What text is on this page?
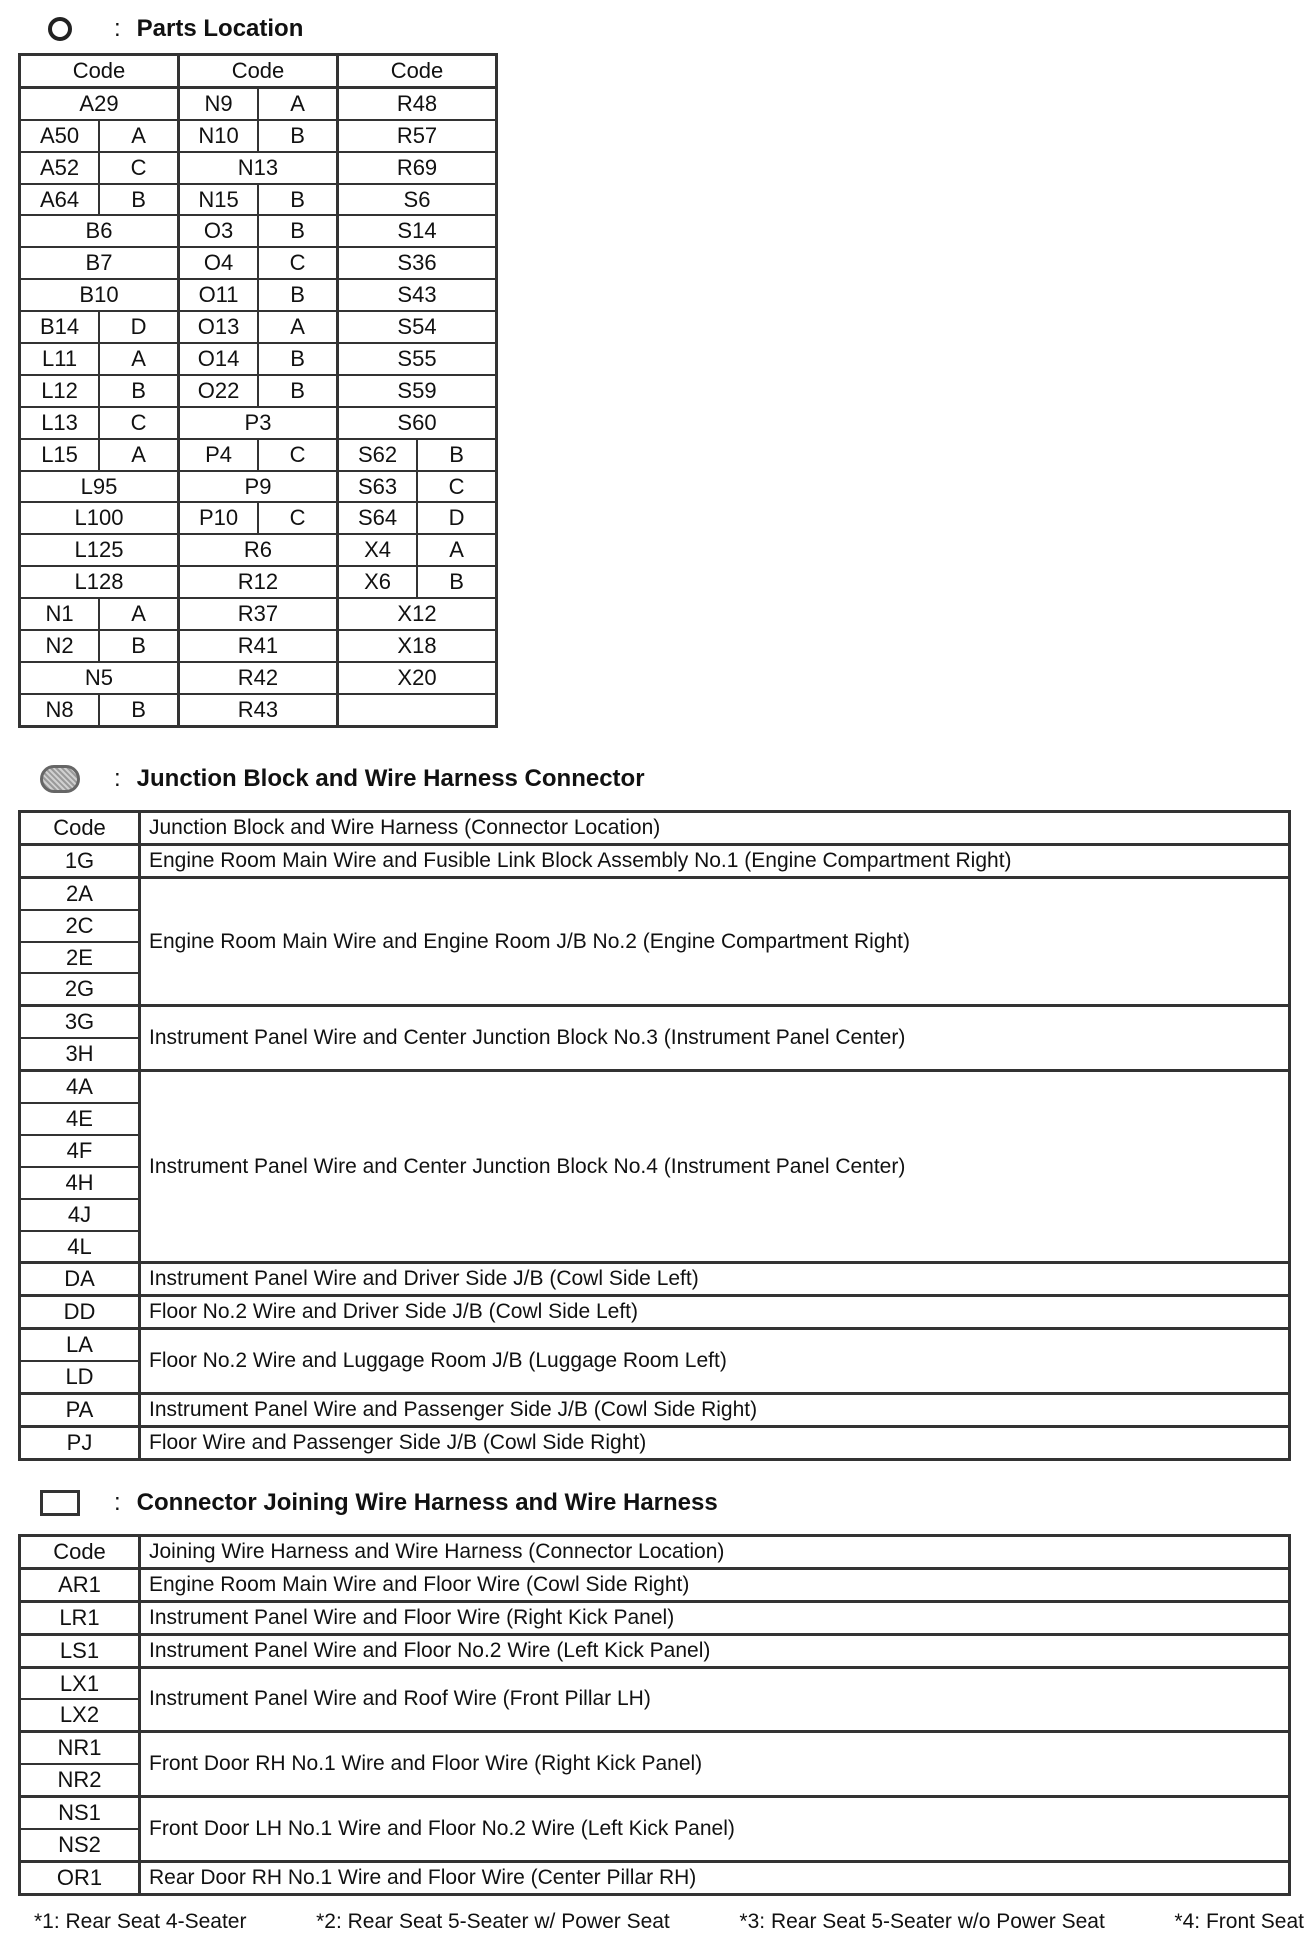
: Parts Location
Code		Code		Code	
A29		N9	A	R48	
A50	A	N10	B	R57	
A52	C	N13		R69	
A64	B	N15	B	S6	
B6		O3	B	S14	
B7		O4	C	S36	
B10		O11	B	S43	
B14	D	O13	A	S54	
L11	A	O14	B	S55	
L12	B	O22	B	S59	
L13	C	P3		S60	
L15	A	P4	C	S62	B
L95		P9		S63	C
L100		P10	C	S64	D
L125		R6		X4	A
L128		R12		X6	B
N1	A	R37		X12	
N2	B	R41		X18	
N5		R42		X20	
N8	B	R43			
: Junction Block and Wire Harness Connector
Code	Junction Block and Wire Harness (Connector Location)
1G	Engine Room Main Wire and Fusible Link Block Assembly No.1 (Engine Compartment Right)
2A	Engine Room Main Wire and Engine Room J/B No.2 (Engine Compartment Right)
2C	
2E	
2G	
3G	Instrument Panel Wire and Center Junction Block No.3 (Instrument Panel Center)
3H	
4A	Instrument Panel Wire and Center Junction Block No.4 (Instrument Panel Center)
4E	
4F	
4H	
4J	
4L	
DA	Instrument Panel Wire and Driver Side J/B (Cowl Side Left)
DD	Floor No.2 Wire and Driver Side J/B (Cowl Side Left)
LA	Floor No.2 Wire and Luggage Room J/B (Luggage Room Left)
LD	
PA	Instrument Panel Wire and Passenger Side J/B (Cowl Side Right)
PJ	Floor Wire and Passenger Side J/B (Cowl Side Right)
: Connector Joining Wire Harness and Wire Harness
Code	Joining Wire Harness and Wire Harness (Connector Location)
AR1	Engine Room Main Wire and Floor Wire (Cowl Side Right)
LR1	Instrument Panel Wire and Floor Wire (Right Kick Panel)
LS1	Instrument Panel Wire and Floor No.2 Wire (Left Kick Panel)
LX1	Instrument Panel Wire and Roof Wire (Front Pillar LH)
LX2	
NR1	Front Door RH No.1 Wire and Floor Wire (Right Kick Panel)
NR2	
NS1	Front Door LH No.1 Wire and Floor No.2 Wire (Left Kick Panel)
NS2	
OR1	Rear Door RH No.1 Wire and Floor Wire (Center Pillar RH)
*1: Rear Seat 4-Seater	*2: Rear Seat 5-Seater w/ Power Seat	*3: Rear Seat 5-Seater w/o Power Seat	*4: Front Seat
